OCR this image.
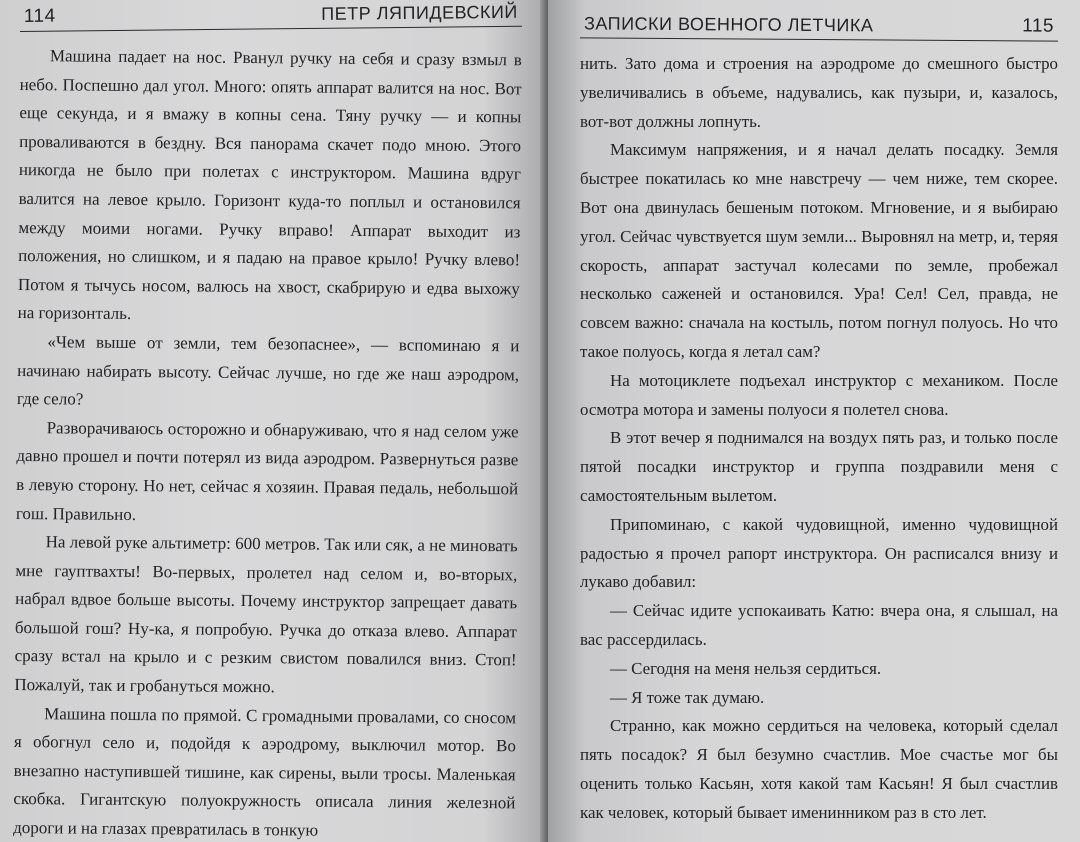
114	ПЕТР ЛЯПИДЕВСКИЙ

Машина падает на нос. Рванул ручку на себя и сразу взмыл в небо. Поспешно дал угол. Много: опять аппарат валится на нос. Вот еще секунда, и я вмажу в копны сена. Тяну ручку — и копны проваливаются в бездну. Вся панорама скачет подо мною. Этого никогда не было при полетах с инструктором. Машина вдруг валится на левое крыло. Горизонт куда-то поплыл и остановился между моими ногами. Ручку вправо! Аппарат выходит из положения, но слишком, и я падаю на правое крыло! Ручку влево! Потом я тычусь носом, валюсь на хвост, скабрирую и едва выхожу на горизонталь.

«Чем выше от земли, тем безопаснее», — вспоминаю я и начинаю набирать высоту. Сейчас лучше, но где же наш аэродром, где село?

Разворачиваюсь осторожно и обнаруживаю, что я над селом уже давно прошел и почти потерял из вида аэродром. Развернуться разве в левую сторону. Но нет, сейчас я хозяин. Правая педаль, небольшой гош. Правильно.

На левой руке альтиметр: 600 метров. Так или сяк, а не миновать мне гауптвахты! Во-первых, пролетел над селом и, во-вторых, набрал вдвое больше высоты. Почему инструктор запрещает давать большой гош? Ну-ка, я попробую. Ручка до отказа влево. Аппарат сразу встал на крыло и с резким свистом повалился вниз. Стоп! Пожалуй, так и гробануться можно.

Машина пошла по прямой. С громадными провалами, со сносом я обогнул село и, подойдя к аэродрому, выключил мотор. Во внезапно наступившей тишине, как сирены, выли тросы. Маленькая скобка. Гигантскую полуокружность описала линия железной дороги и на глазах превратилась в тонкую

ЗАПИСКИ ВОЕННОГО ЛЕТЧИКА	115

нить. Зато дома и строения на аэродроме до смешного быстро увеличивались в объеме, надувались, как пузыри, и, казалось, вот-вот должны лопнуть.

Максимум напряжения, и я начал делать посадку. Земля быстрее покатилась ко мне навстречу — чем ниже, тем скорее. Вот она двинулась бешеным потоком. Мгновение, и я выбираю угол. Сейчас чувствуется шум земли... Выровнял на метр, и, теряя скорость, аппарат застучал колесами по земле, пробежал несколько саженей и остановился. Ура! Сел! Сел, правда, не совсем важно: сначала на костыль, потом погнул полуось. Но что такое полуось, когда я летал сам?

На мотоциклете подъехал инструктор с механиком. После осмотра мотора и замены полуоси я полетел снова.

В этот вечер я поднимался на воздух пять раз, и только после пятой посадки инструктор и группа поздравили меня с самостоятельным вылетом.

Припоминаю, с какой чудовищной, именно чудовищной радостью я прочел рапорт инструктора. Он расписался внизу и лукаво добавил:

— Сейчас идите успокаивать Катю: вчера она, я слышал, на вас рассердилась.

— Сегодня на меня нельзя сердиться.

— Я тоже так думаю.

Странно, как можно сердиться на человека, который сделал пять посадок? Я был безумно счастлив. Мое счастье мог бы оценить только Касьян, хотя какой там Касьян! Я был счастлив как человек, который бывает именинником раз в сто лет.
